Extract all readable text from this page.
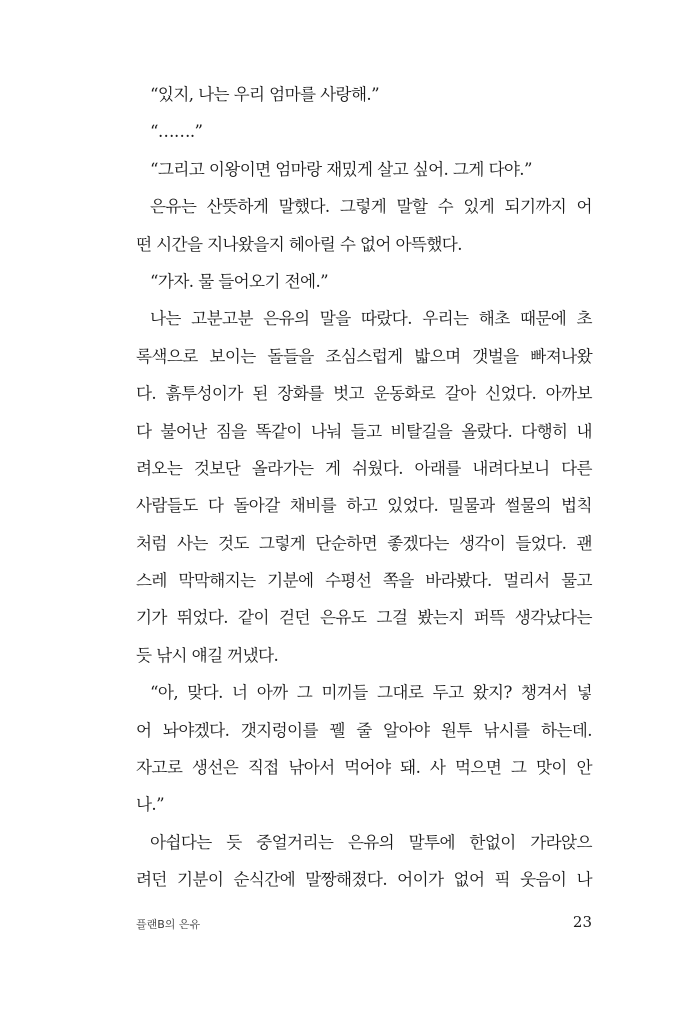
“있지, 나는 우리 엄마를 사랑해.”
“…….”
“그리고 이왕이면 엄마랑 재밌게 살고 싶어. 그게 다야.”
은유는 산뜻하게 말했다. 그렇게 말할 수 있게 되기까지 어
떤 시간을 지나왔을지 헤아릴 수 없어 아뜩했다.
“가자. 물 들어오기 전에.”
나는 고분고분 은유의 말을 따랐다. 우리는 해초 때문에 초
록색으로 보이는 돌들을 조심스럽게 밟으며 갯벌을 빠져나왔
다. 흙투성이가 된 장화를 벗고 운동화로 갈아 신었다. 아까보
다 불어난 짐을 똑같이 나눠 들고 비탈길을 올랐다. 다행히 내
려오는 것보단 올라가는 게 쉬웠다. 아래를 내려다보니 다른
사람들도 다 돌아갈 채비를 하고 있었다. 밀물과 썰물의 법칙
처럼 사는 것도 그렇게 단순하면 좋겠다는 생각이 들었다. 괜
스레 막막해지는 기분에 수평선 쪽을 바라봤다. 멀리서 물고
기가 뛰었다. 같이 걷던 은유도 그걸 봤는지 퍼뜩 생각났다는
듯 낚시 얘길 꺼냈다.
“아, 맞다. 너 아까 그 미끼들 그대로 두고 왔지? 챙겨서 넣
어 놔야겠다. 갯지렁이를 꿸 줄 알아야 원투 낚시를 하는데.
자고로 생선은 직접 낚아서 먹어야 돼. 사 먹으면 그 맛이 안
나.”
아쉽다는 듯 중얼거리는 은유의 말투에 한없이 가라앉으
려던 기분이 순식간에 말짱해졌다. 어이가 없어 픽 웃음이 나
플랜B의 은유	23
